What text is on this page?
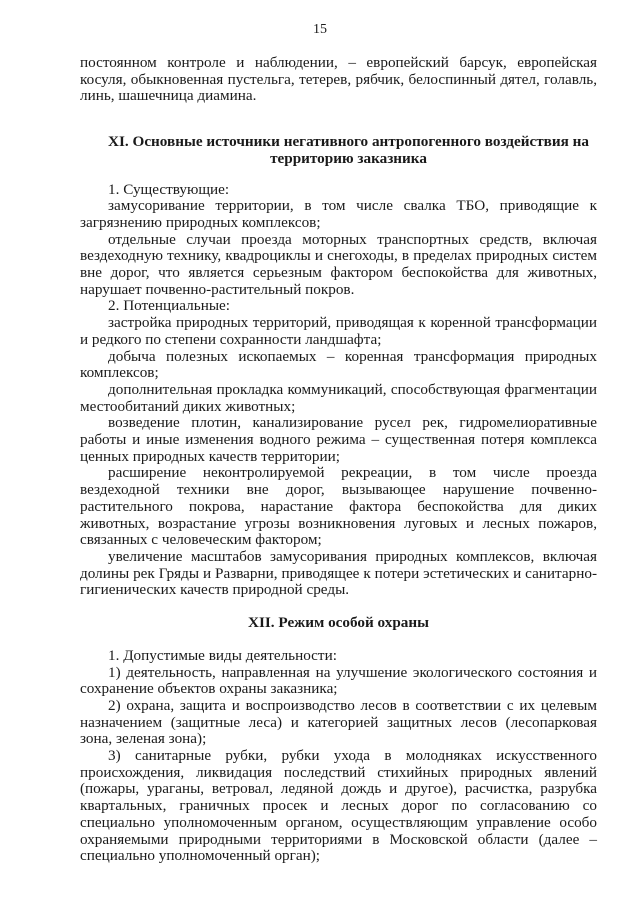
15

постоянном контроле и наблюдении, – европейский барсук, европейская косуля, обыкновенная пустельга, тетерев, рябчик, белоспинный дятел, голавль, линь, шашечница диамина.

XI. Основные источники негативного антропогенного воздействия на территорию заказника

1. Существующие:

замусоривание территории, в том числе свалка ТБО, приводящие к загрязнению природных комплексов;

отдельные случаи проезда моторных транспортных средств, включая вездеходную технику, квадроциклы и снегоходы, в пределах природных систем вне дорог, что является серьезным фактором беспокойства для животных, нарушает почвенно-растительный покров.

2. Потенциальные:

застройка природных территорий, приводящая к коренной трансформации и редкого по степени сохранности ландшафта;

добыча полезных ископаемых – коренная трансформация природных комплексов;

дополнительная прокладка коммуникаций, способствующая фрагментации местообитаний диких животных;

возведение плотин, канализирование русел рек, гидромелиоративные работы и иные изменения водного режима – существенная потеря комплекса ценных природных качеств территории;

расширение неконтролируемой рекреации, в том числе проезда вездеходной техники вне дорог, вызывающее нарушение почвенно-растительного покрова, нарастание фактора беспокойства для диких животных, возрастание угрозы возникновения луговых и лесных пожаров, связанных с человеческим фактором;

увеличение масштабов замусоривания природных комплексов, включая долины рек Гряды и Разварни, приводящее к потери эстетических и санитарно-гигиенических качеств природной среды.

XII. Режим особой охраны

1. Допустимые виды деятельности:

1) деятельность, направленная на улучшение экологического состояния и сохранение объектов охраны заказника;

2) охрана, защита и воспроизводство лесов в соответствии с их целевым назначением (защитные леса) и категорией защитных лесов (лесопарковая зона, зеленая зона);

3) санитарные рубки, рубки ухода в молодняках искусственного происхождения, ликвидация последствий стихийных природных явлений (пожары, ураганы, ветровал, ледяной дождь и другое), расчистка, разрубка квартальных, граничных просек и лесных дорог по согласованию со специально уполномоченным органом, осуществляющим управление особо охраняемыми природными территориями в Московской области (далее – специально уполномоченный орган);
